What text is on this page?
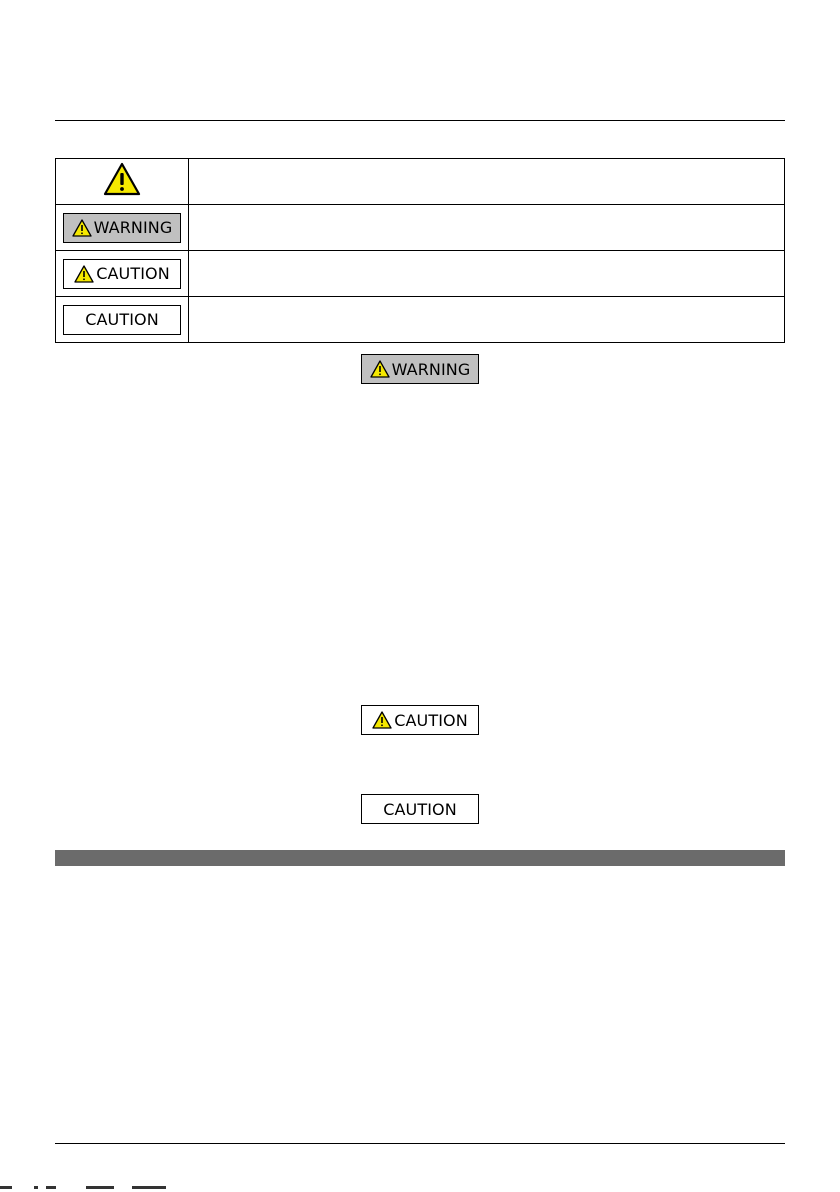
WARNING	

CAUTION	

CAUTION	

WARNING
CAUTION
CAUTION
